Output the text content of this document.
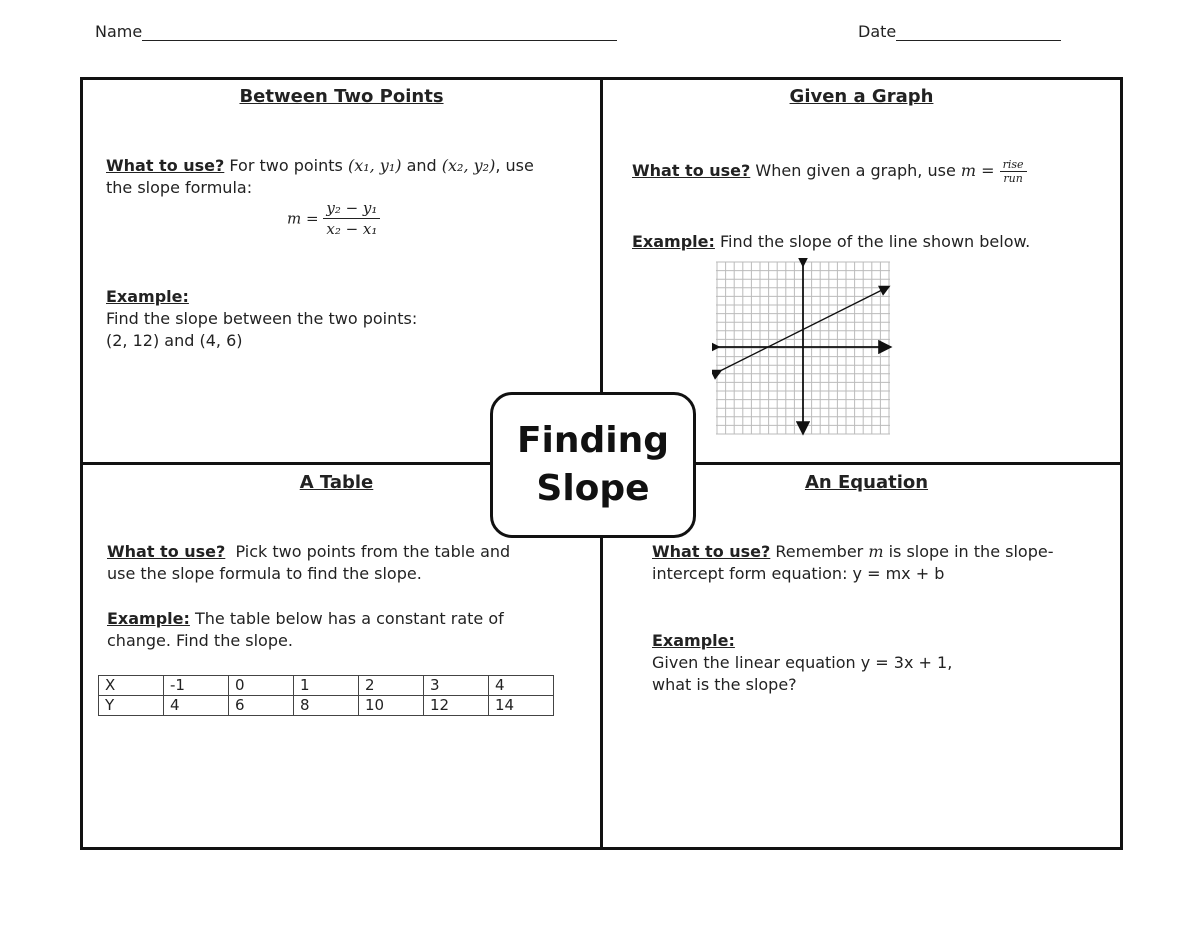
Name	Date
Between Two Points
What to use? For two points (x₁, y₁) and (x₂, y₂), use
the slope formula:
$m = \frac{\text{y₂ − y₁}}{\text{x₂ − x₁}}$
Example:
Find the slope between the two points:
(2, 12) and (4, 6)
Given a Graph
What to use? When given a graph, use $m = \frac{\text{rise}}{\text{run}}$
Example: Find the slope of the line shown below.
A Table
What to use?  Pick two points from the table and
use the slope formula to find the slope.
Example: The table below has a constant rate of
change. Find the slope.
X	-1	0	1	2	3	4
Y	4	6	8	10	12	14
An Equation
What to use? Remember m is slope in the slope-
intercept form equation: y = mx + b
Example:
Given the linear equation y = 3x + 1,
what is the slope?
Finding
Slope
